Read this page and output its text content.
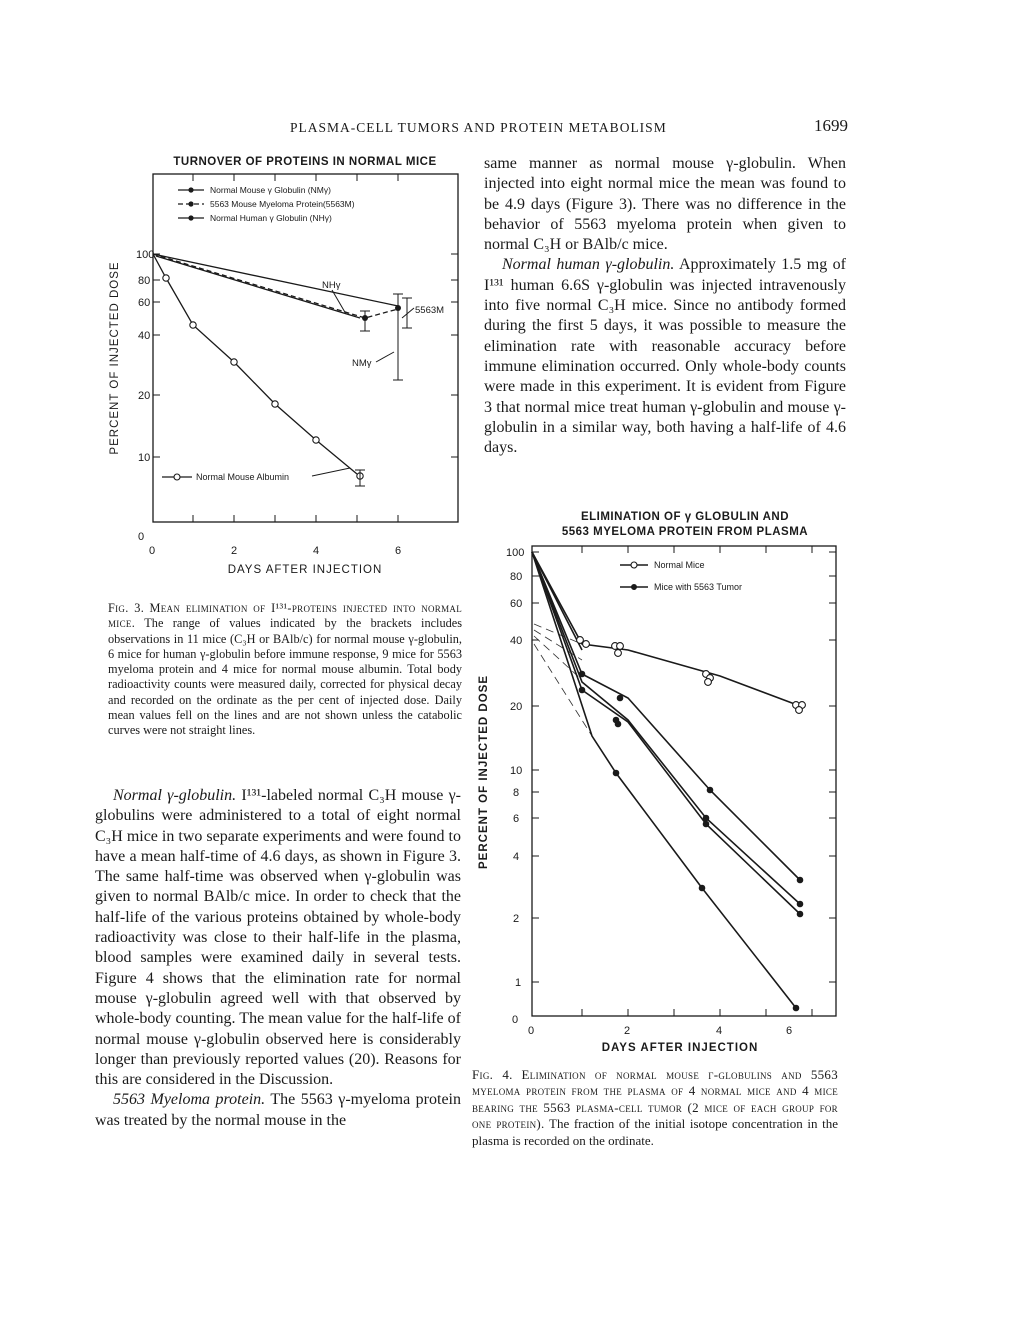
PLASMA-CELL TUMORS AND PROTEIN METABOLISM	1699
TURNOVER OF PROTEINS IN NORMAL MICE
100
80
60
40
20
10
0
0	2	4	6
DAYS AFTER INJECTION
PERCENT OF INJECTED DOSE
Normal Mouse γ Globulin (NMγ)
5563 Mouse Myeloma Protein(5563M)
Normal Human γ Globulin (NHγ)
NHγ
5563M
NMγ
Normal Mouse Albumin

Fig. 3. Mean elimination of I¹³¹-proteins injected into normal mice. The range of values indicated by the brackets includes observations in 11 mice (C₃H or BAlb/c) for normal mouse γ-globulin, 6 mice for human γ-globulin before immune response, 9 mice for 5563 myeloma protein and 4 mice for normal mouse albumin. Total body radioactivity counts were measured daily, corrected for physical decay and recorded on the ordinate as the per cent of injected dose. Daily mean values fell on the lines and are not shown unless the catabolic curves were not straight lines.

Normal γ-globulin. I¹³¹-labeled normal C₃H mouse γ-globulins were administered to a total of eight normal C₃H mice in two separate experiments and were found to have a mean half-time of 4.6 days, as shown in Figure 3. The same half-time was observed when γ-globulin was given to normal BAlb/c mice. In order to check that the half-life of the various proteins obtained by whole-body radioactivity was close to their half-life in the plasma, blood samples were examined daily in several tests. Figure 4 shows that the elimination rate for normal mouse γ-globulin agreed well with that observed by whole-body counting. The mean value for the half-life of normal mouse γ-globulin observed here is considerably longer than previously reported values (20). Reasons for this are considered in the Discussion.

5563 Myeloma protein. The 5563 γ-myeloma protein was treated by the normal mouse in the

same manner as normal mouse γ-globulin. When injected into eight normal mice the mean was found to be 4.9 days (Figure 3). There was no difference in the behavior of 5563 myeloma protein when given to normal C₃H or BAlb/c mice.

Normal human γ-globulin. Approximately 1.5 mg of I¹³¹ human 6.6S γ-globulin was injected intravenously into five normal C₃H mice. Since no antibody formed during the first 5 days, it was possible to measure the elimination rate with reasonable accuracy before immune elimination occurred. Only whole-body counts were made in this experiment. It is evident from Figure 3 that normal mice treat human γ-globulin and mouse γ-globulin in a similar way, both having a half-life of 4.6 days.

ELIMINATION OF γ GLOBULIN AND
5563 MYELOMA PROTEIN FROM PLASMA
100
80
60
40
20
10
8
6
4
2
1
0
0	2	4	6
DAYS AFTER INJECTION
PERCENT OF INJECTED DOSE
Normal Mice
Mice with 5563 Tumor

Fig. 4. Elimination of normal mouse γ-globulins and 5563 myeloma protein from the plasma of 4 normal mice and 4 mice bearing the 5563 plasma-cell tumor (2 mice of each group for one protein). The fraction of the initial isotope concentration in the plasma is recorded on the ordinate.
